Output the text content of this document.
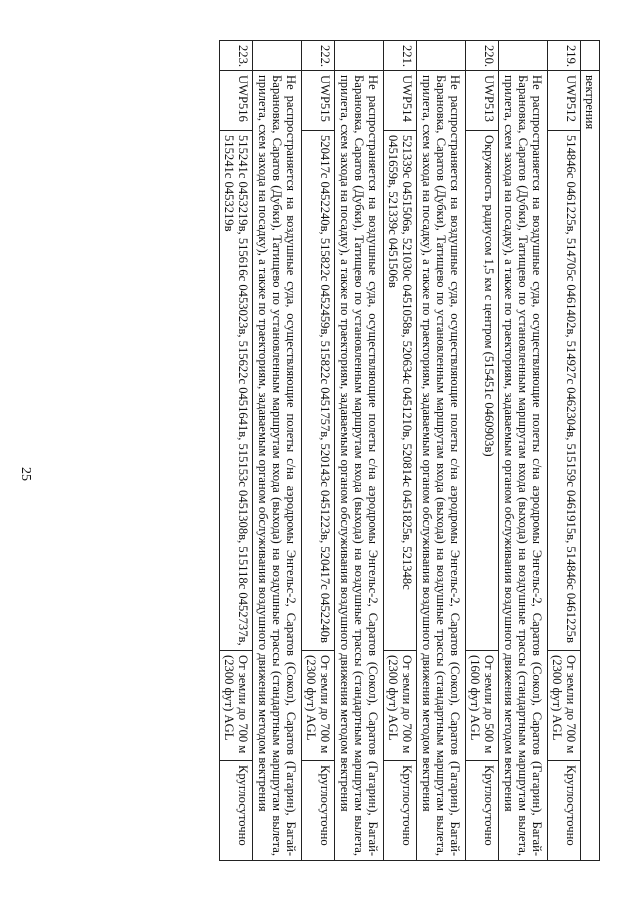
25
	вектрения			
219.	UWP512	514846с 0461225в, 514705с 0461402в, 514927с 0462304в, 515159с 0461915в, 514846с 0461225в	От земли до 700 м (2300 фут) AGL	Круглосуточно
	Не распространяется на воздушные суда, осуществляющие полеты с/на аэродромы Энгельс-2, Саратов (Сокол), Саратов (Гагарин), Багай-Барановка, Саратов (Дубки), Татищево по установленным маршрутам входа (выхода) на воздушные трассы (стандартным маршрутам вылета, прилета, схем захода на посадку), а также по траекториям, задаваемым органом обслуживания воздушного движения методом вектрения			
220.	UWP513	Окружность радиусом 1,5 км с центром (515451с 0460903в)	От земли до 500 м (1600 фут) AGL	Круглосуточно
	Не распространяется на воздушные суда, осуществляющие полеты с/на аэродромы Энгельс-2, Саратов (Сокол), Саратов (Гагарин), Багай-Барановка, Саратов (Дубки), Татищево по установленным маршрутам входа (выхода) на воздушные трассы (стандартным маршрутам вылета, прилета, схем захода на посадку), а также по траекториям, задаваемым органом обслуживания воздушного движения методом вектрения			
221.	UWP514	521339с 0451506в, 521030с 0451058в, 520634с 0451210в, 520814с 0451825в, 521348с 0451659в, 521339с 0451506в	От земли до 700 м (2300 фут) AGL	Круглосуточно
	Не распространяется на воздушные суда, осуществляющие полеты с/на аэродромы Энгельс-2, Саратов (Сокол), Саратов (Гагарин), Багай-Барановка, Саратов (Дубки), Татищево по установленным маршрутам входа (выхода) на воздушные трассы (стандартным маршрутам вылета, прилета, схем захода на посадку), а также по траекториям, задаваемым органом обслуживания воздушного движения методом вектрения			
222.	UWP515	520417с 0452240в, 515822с 0452459в, 515822с 0451757в, 520143с 0451223в, 520417с 0452240в	От земли до 700 м (2300 фут) AGL	Круглосуточно
	Не распространяется на воздушные суда, осуществляющие полеты с/на аэродромы Энгельс-2, Саратов (Сокол), Саратов (Гагарин), Багай-Барановка, Саратов (Дубки), Татищево по установленным маршрутам входа (выхода) на воздушные трассы (стандартным маршрутам вылета, прилета, схем захода на посадку), а также по траекториям, задаваемым органом обслуживания воздушного движения методом вектрения			
223.	UWP516	515241с 0453219в, 515616с 0453023в, 515622с 0451641в, 515153с 0451308в, 515118с 0452737в, 515241с 0453219в	От земли до 700 м (2300 фут) AGL	Круглосуточно
